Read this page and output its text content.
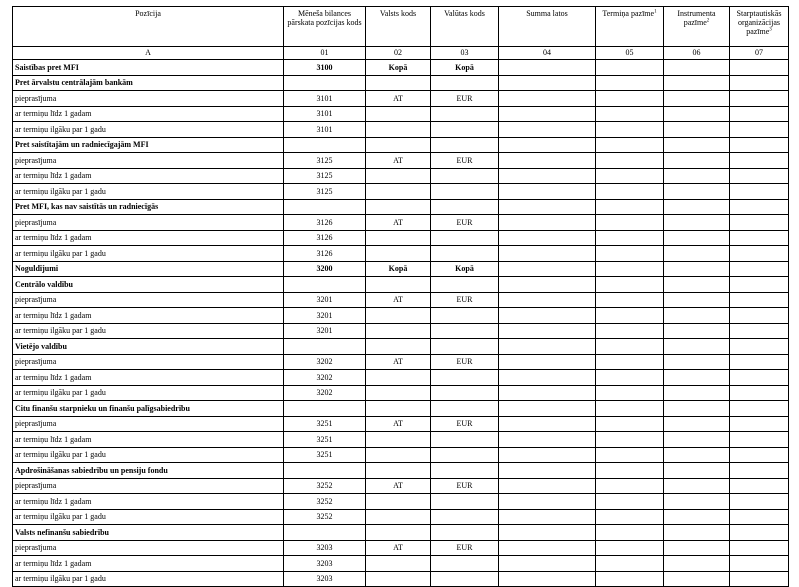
Pozīcija	Mēneša bilances pārskata pozīcijas kods	Valsts kods	Valūtas kods	Summa latos	Termiņa pazīme$^1$	Instrumenta pazīme$^2$	Starptautiskās organizācijas pazīme$^3$
A	01	02	03	04	05	06	07
Saistības pret MFI	3100	Kopā	Kopā				
Pret ārvalstu centrālajām bankām							
pieprasījuma	3101	AT	EUR				
ar termiņu līdz 1 gadam	3101						
ar termiņu ilgāku par 1 gadu	3101						
Pret saistītajām un radniecīgajām MFI							
pieprasījuma	3125	AT	EUR				
ar termiņu līdz 1 gadam	3125						
ar termiņu ilgāku par 1 gadu	3125						
Pret MFI, kas nav saistītās un radniecīgās							
pieprasījuma	3126	AT	EUR				
ar termiņu līdz 1 gadam	3126						
ar termiņu ilgāku par 1 gadu	3126						
Noguldījumi	3200	Kopā	Kopā				
Centrālo valdību							
pieprasījuma	3201	AT	EUR				
ar termiņu līdz 1 gadam	3201						
ar termiņu ilgāku par 1 gadu	3201						
Vietējo valdību							
pieprasījuma	3202	AT	EUR				
ar termiņu līdz 1 gadam	3202						
ar termiņu ilgāku par 1 gadu	3202						
Citu finanšu starpnieku un finanšu palīgsabiedrību							
pieprasījuma	3251	AT	EUR				
ar termiņu līdz 1 gadam	3251						
ar termiņu ilgāku par 1 gadu	3251						
Apdrošināšanas sabiedrību un pensiju fondu							
pieprasījuma	3252	AT	EUR				
ar termiņu līdz 1 gadam	3252						
ar termiņu ilgāku par 1 gadu	3252						
Valsts nefinanšu sabiedrību							
pieprasījuma	3203	AT	EUR				
ar termiņu līdz 1 gadam	3203						
ar termiņu ilgāku par 1 gadu	3203						
